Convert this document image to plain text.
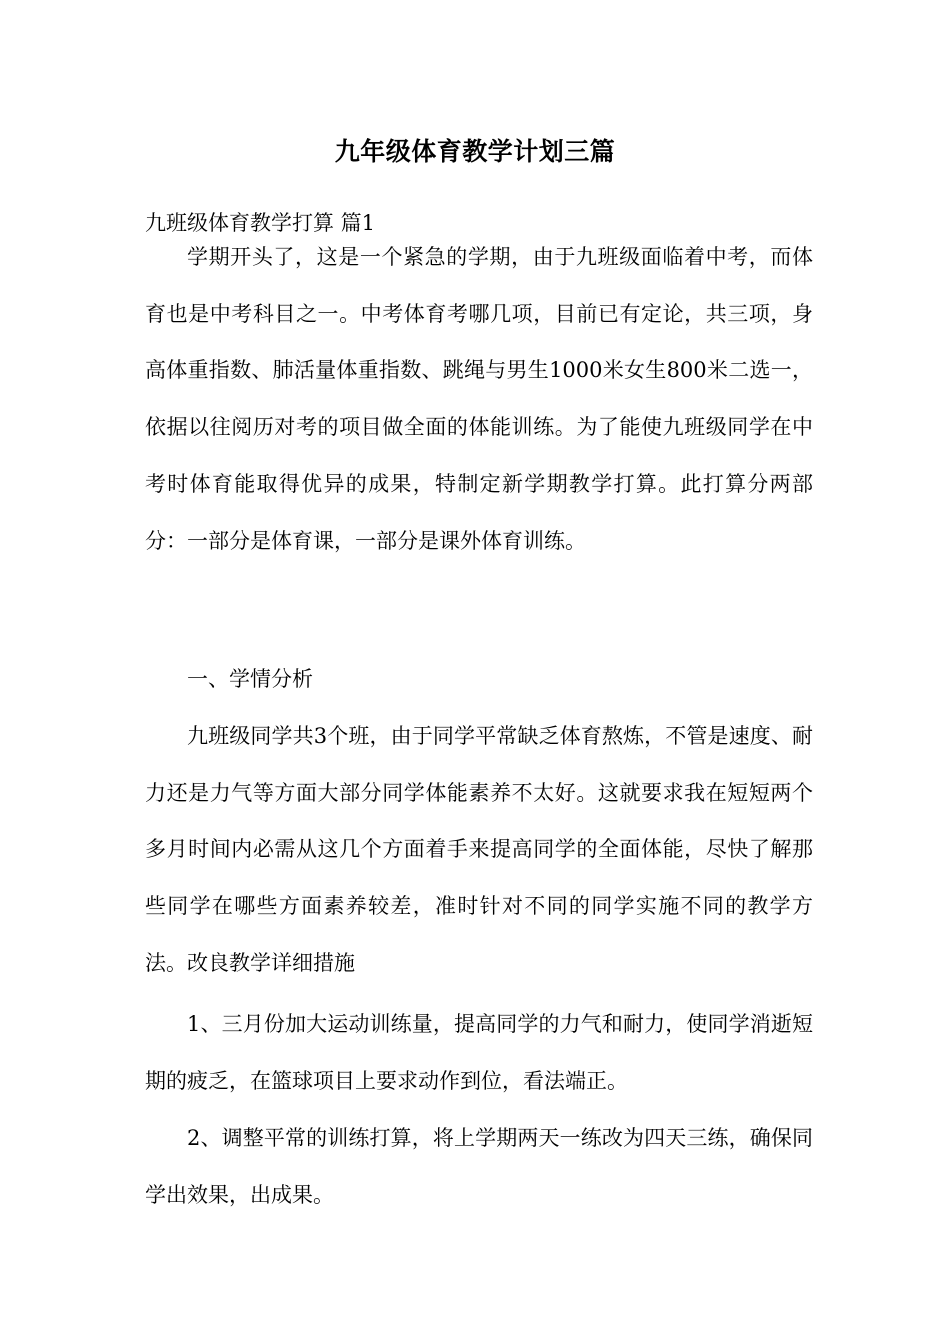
九年级体育教学计划三篇
九班级体育教学打算 篇1

学期开头了，这是一个紧急的学期，由于九班级面临着中考，而体育也是中考科目之一。中考体育考哪几项，目前已有定论，共三项，身高体重指数、肺活量体重指数、跳绳与男生1000米女生800米二选一，依据以往阅历对考的项目做全面的体能训练。为了能使九班级同学在中考时体育能取得优异的成果，特制定新学期教学打算。此打算分两部分：一部分是体育课，一部分是课外体育训练。

一、学情分析

九班级同学共3个班，由于同学平常缺乏体育熬炼，不管是速度、耐力还是力气等方面大部分同学体能素养不太好。这就要求我在短短两个多月时间内必需从这几个方面着手来提高同学的全面体能，尽快了解那些同学在哪些方面素养较差，准时针对不同的同学实施不同的教学方法。改良教学详细措施

1、三月份加大运动训练量，提高同学的力气和耐力，使同学消逝短期的疲乏，在篮球项目上要求动作到位，看法端正。

2、调整平常的训练打算，将上学期两天一练改为四天三练，确保同学出效果，出成果。
